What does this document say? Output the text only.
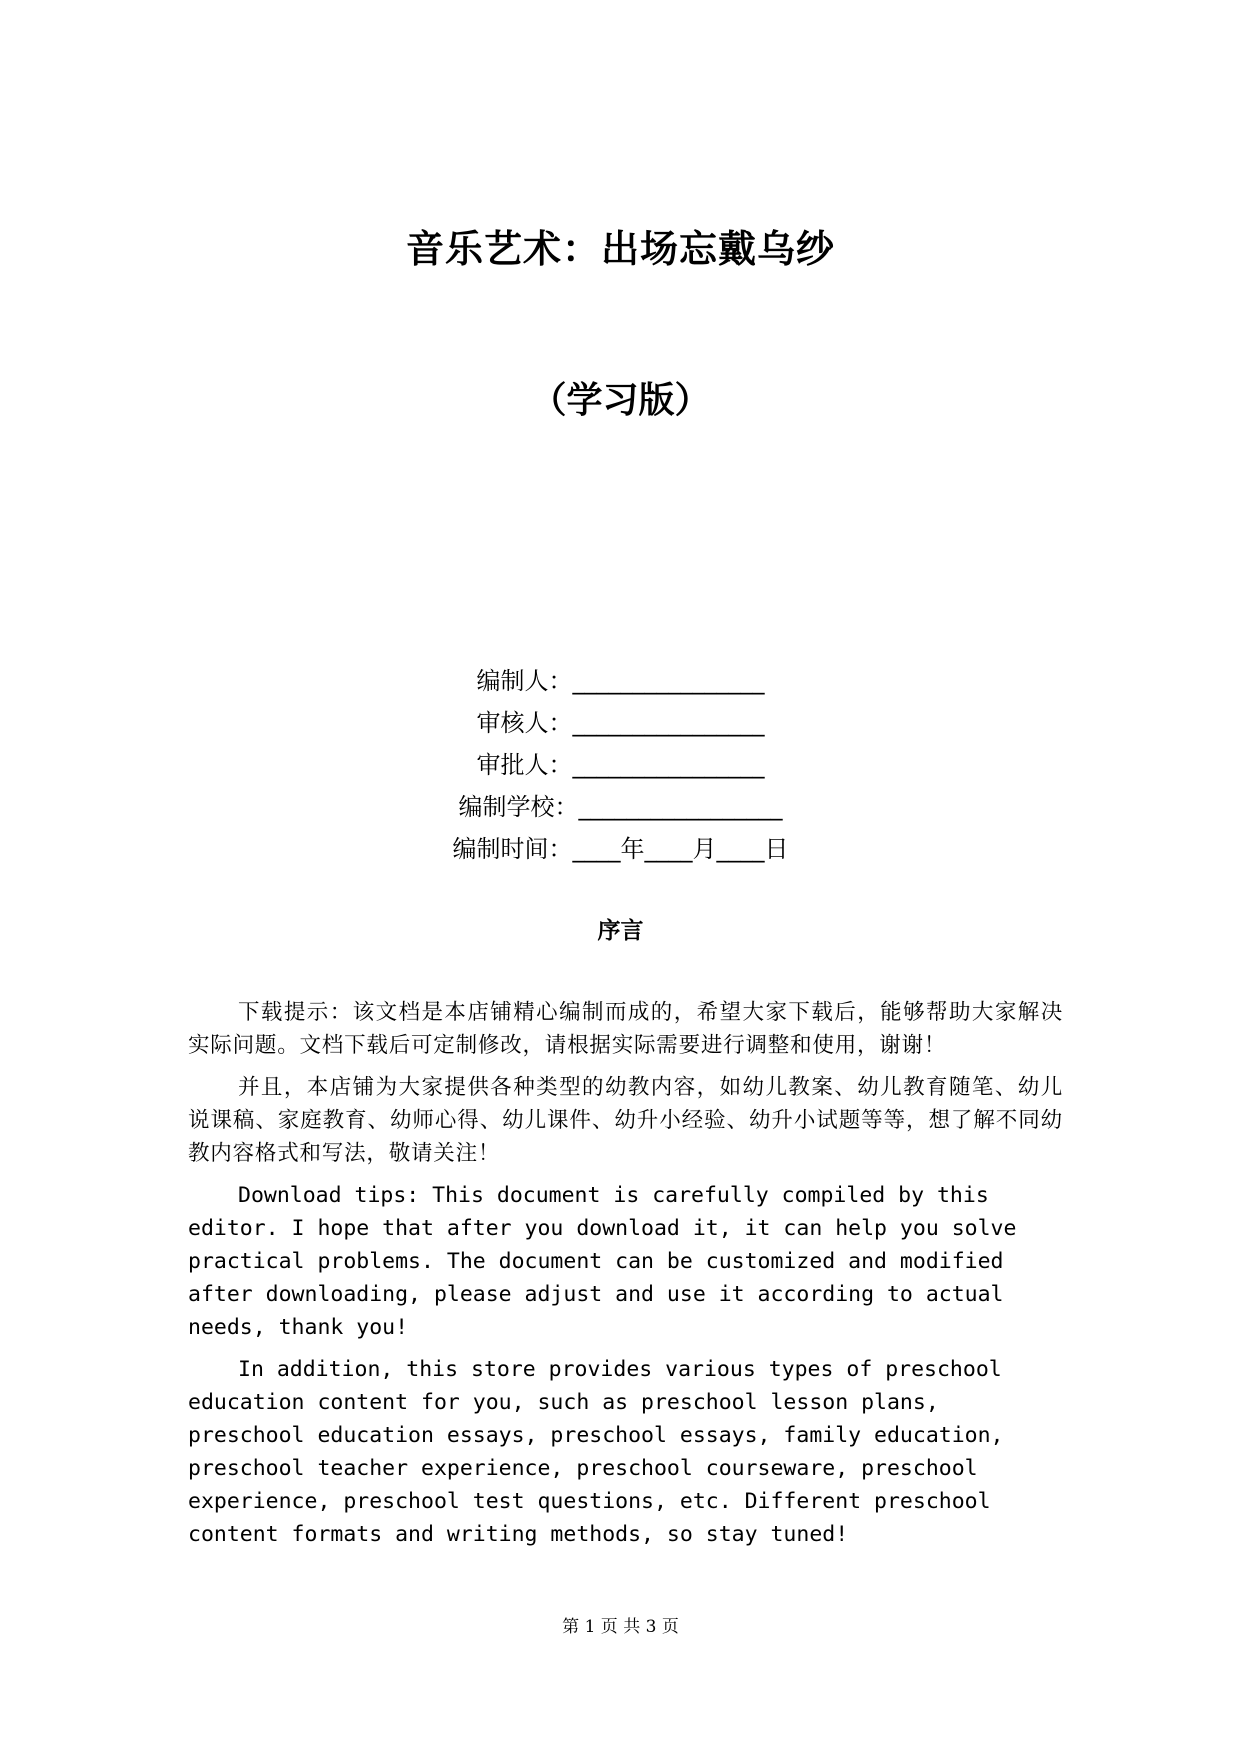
音乐艺术：出场忘戴乌纱
（学习版）
编制人：________________
审核人：________________
审批人：________________
编制学校：_________________
编制时间：____年____月____日
序言

下载提示：该文档是本店铺精心编制而成的，希望大家下载后，能够帮助大家解决实际问题。文档下载后可定制修改，请根据实际需要进行调整和使用，谢谢！

并且，本店铺为大家提供各种类型的幼教内容，如幼儿教案、幼儿教育随笔、幼儿说课稿、家庭教育、幼师心得、幼儿课件、幼升小经验、幼升小试题等等，想了解不同幼教内容格式和写法，敬请关注！

Download tips: This document is carefully compiled by this editor. I hope that after you download it, it can help you solve practical problems. The document can be customized and modified after downloading, please adjust and use it according to actual needs, thank you!

In addition, this store provides various types of preschool education content for you, such as preschool lesson plans, preschool education essays, preschool essays, family education, preschool teacher experience, preschool courseware, preschool experience, preschool test questions, etc. Different preschool content formats and writing methods, so stay tuned!

第 1 页 共 3 页
